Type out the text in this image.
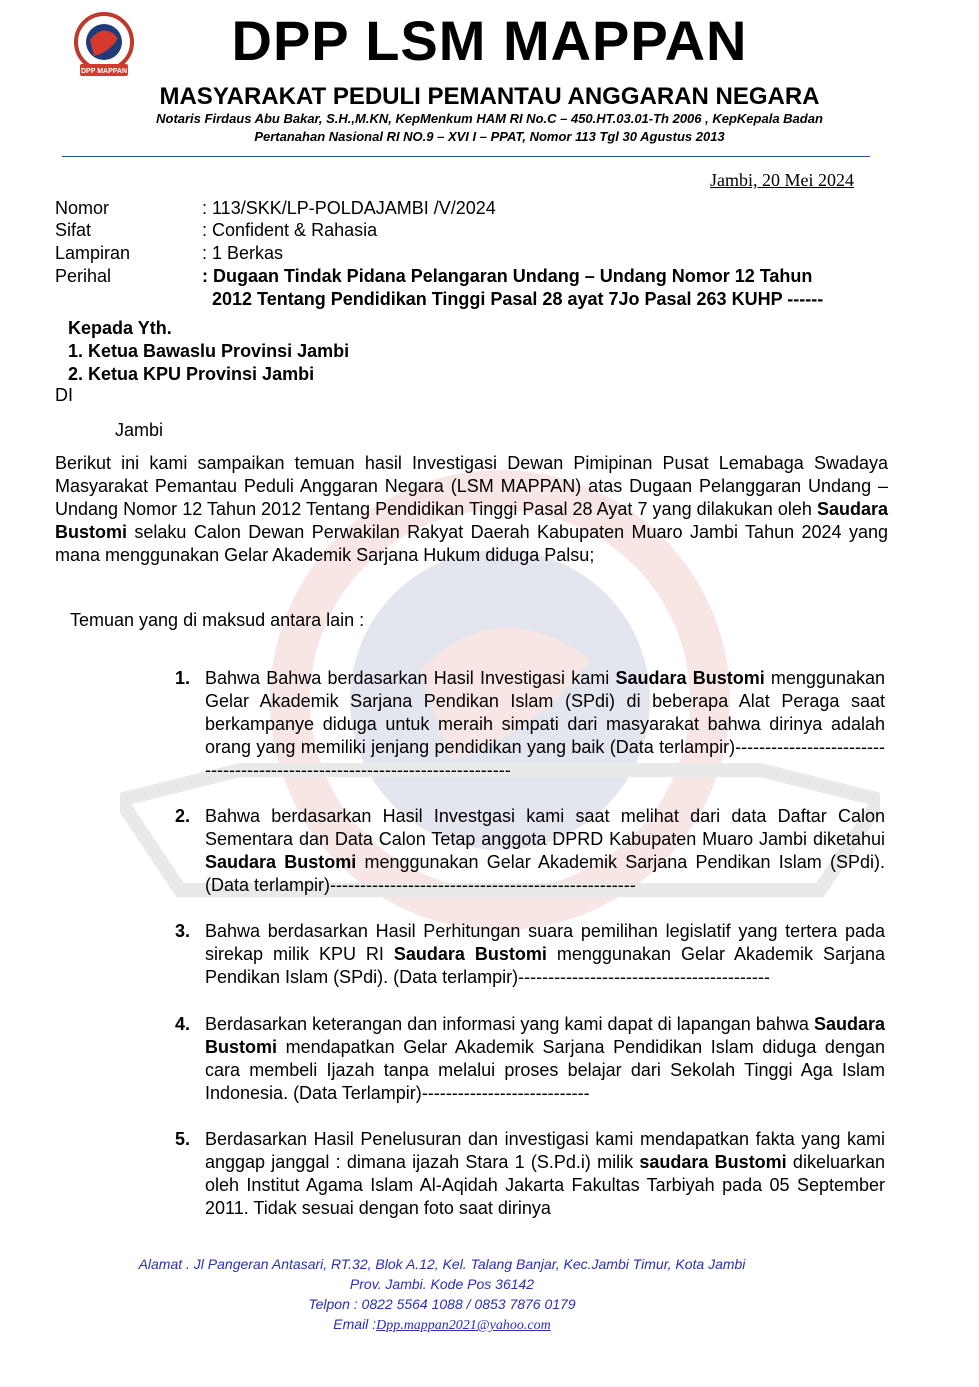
DPP MAPPAN	DPP LSM MAPPAN
MASYARAKAT PEDULI PEMANTAU ANGGARAN NEGARA
Notaris Firdaus Abu Bakar, S.H.,M.KN, KepMenkum HAM RI No.C – 450.HT.03.01-Th 2006 , KepKepala Badan
Pertanahan Nasional RI NO.9 – XVI I – PPAT, Nomor 113 Tgl 30 Agustus 2013
Jambi, 20 Mei 2024
Nomor	: 113/SKK/LP-POLDAJAMBI /V/2024
Sifat	: Confident & Rahasia
Lampiran	: 1 Berkas
Perihal	: Dugaan Tindak Pidana Pelangaran Undang – Undang Nomor 12 Tahun
2012 Tentang Pendidikan Tinggi Pasal 28 ayat 7Jo Pasal 263 KUHP ------
Kepada Yth.
1. Ketua Bawaslu Provinsi Jambi
2. Ketua KPU Provinsi Jambi
DI
Jambi
Berikut ini kami sampaikan temuan hasil Investigasi Dewan Pimipinan Pusat Lemabaga Swadaya Masyarakat Pemantau Peduli Anggaran Negara (LSM MAPPAN) atas Dugaan Pelanggaran Undang – Undang Nomor 12 Tahun 2012 Tentang Pendidikan Tinggi Pasal 28 Ayat 7 yang dilakukan oleh Saudara Bustomi selaku Calon Dewan Perwakilan Rakyat Daerah Kabupaten Muaro Jambi Tahun 2024 yang mana menggunakan Gelar Akademik Sarjana Hukum diduga Palsu;
Temuan yang di maksud antara lain :
1. Bahwa Bahwa berdasarkan Hasil Investigasi kami Saudara Bustomi menggunakan Gelar Akademik Sarjana Pendikan Islam (SPdi) di beberapa Alat Peraga saat berkampanye diduga untuk meraih simpati dari masyarakat bahwa dirinya adalah orang yang memiliki jenjang pendidikan yang baik (Data terlampir)----------------------------------------------------------------------------
2. Bahwa berdasarkan Hasil Investgasi kami saat melihat dari data Daftar Calon Sementara dan Data Calon Tetap anggota DPRD Kabupaten Muaro Jambi diketahui Saudara Bustomi menggunakan Gelar Akademik Sarjana Pendikan Islam (SPdi). (Data terlampir)---------------------------------------------------
3. Bahwa berdasarkan Hasil Perhitungan suara pemilihan legislatif yang tertera pada sirekap milik KPU RI Saudara Bustomi menggunakan Gelar Akademik Sarjana Pendikan Islam (SPdi). (Data terlampir)------------------------------------------
4. Berdasarkan keterangan dan informasi yang kami dapat di lapangan bahwa Saudara Bustomi mendapatkan Gelar Akademik Sarjana Pendidikan Islam diduga dengan cara membeli Ijazah tanpa melalui proses belajar dari Sekolah Tinggi Aga Islam Indonesia. (Data Terlampir)----------------------------
5. Berdasarkan Hasil Penelusuran dan investigasi kami mendapatkan fakta yang kami anggap janggal : dimana ijazah Stara 1 (S.Pd.i) milik saudara Bustomi dikeluarkan oleh Institut Agama Islam Al-Aqidah Jakarta Fakultas Tarbiyah pada 05 September 2011. Tidak sesuai dengan foto saat dirinya
Alamat . Jl Pangeran Antasari, RT.32, Blok A.12, Kel. Talang Banjar, Kec.Jambi Timur, Kota Jambi
Prov. Jambi. Kode Pos 36142
Telpon : 0822 5564 1088 / 0853 7876 0179
Email :Dpp.mappan2021@yahoo.com
